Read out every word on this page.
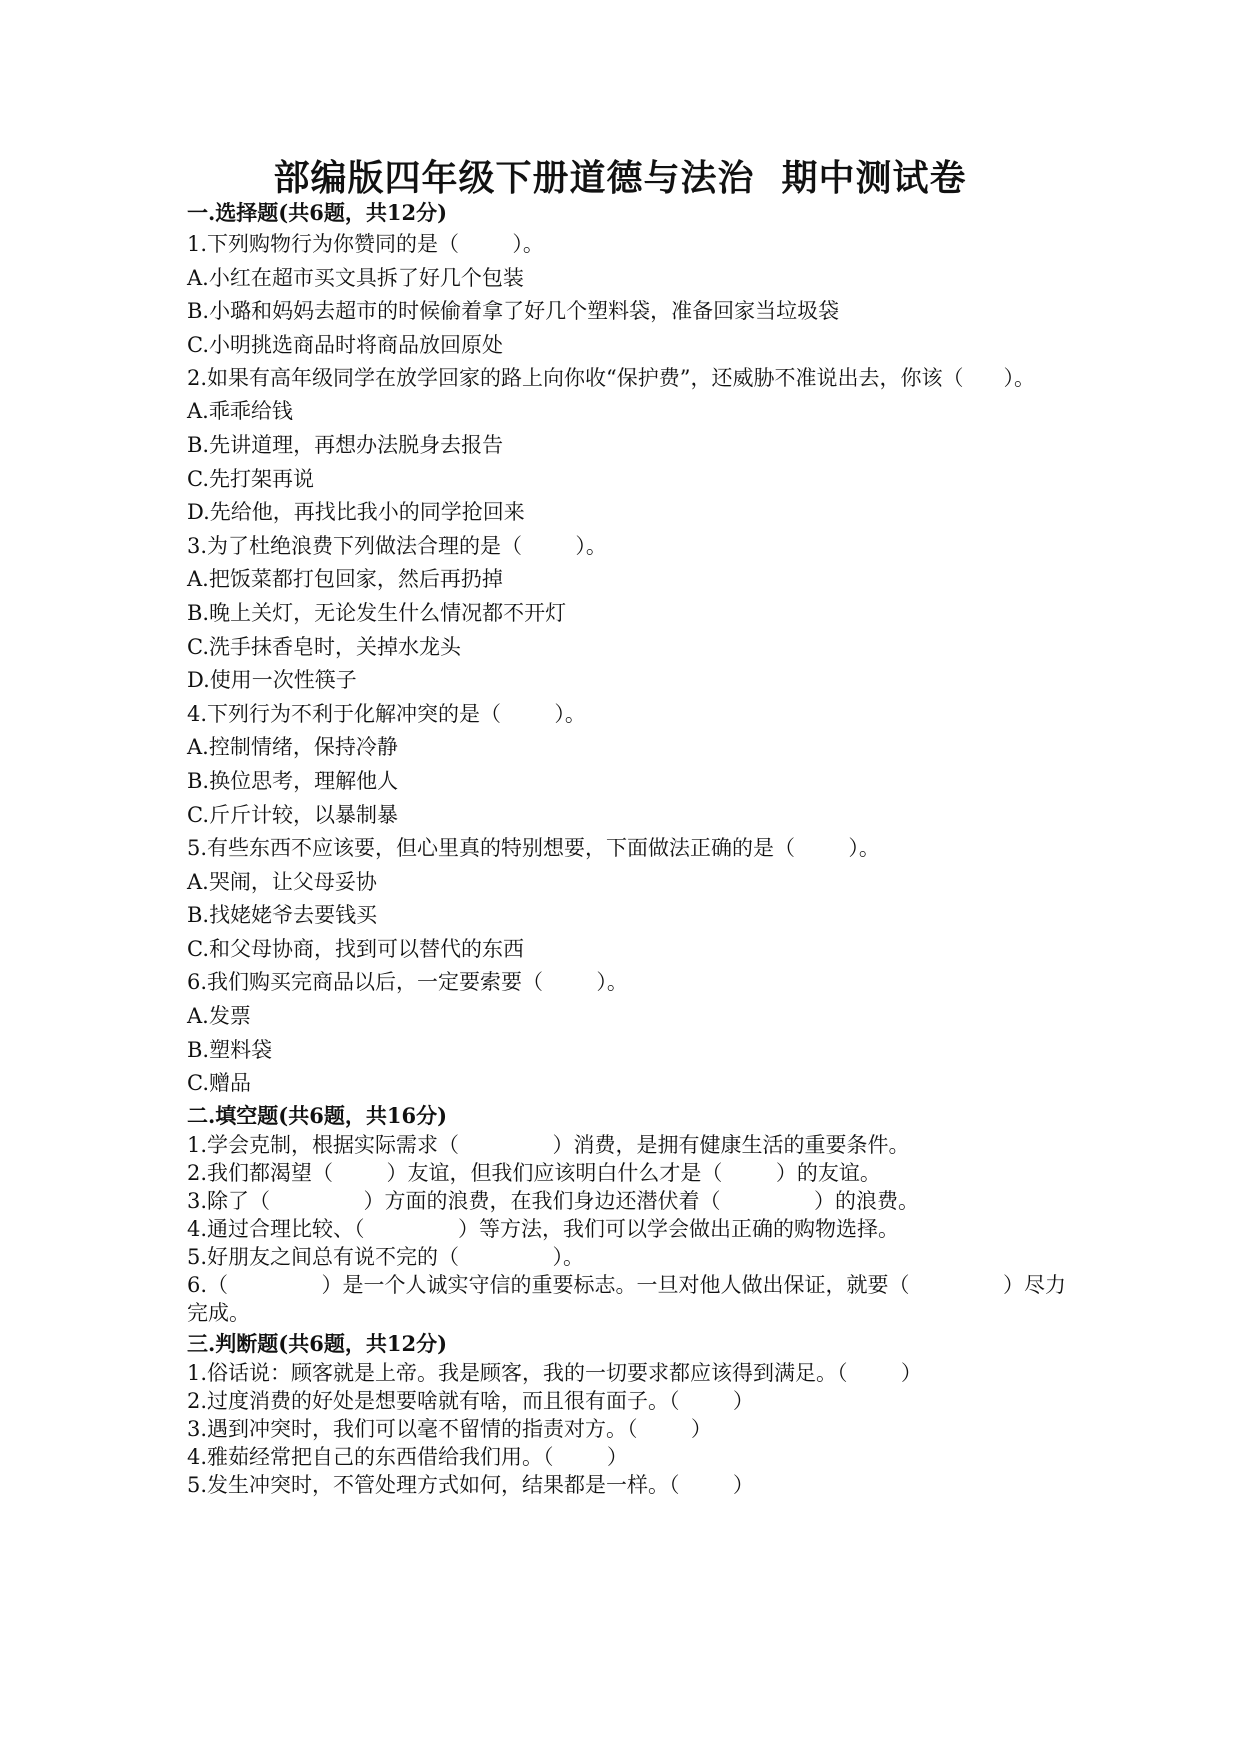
部编版四年级下册道德与法治  期中测试卷
一.选择题(共6题，共12分)
1.下列购物行为你赞同的是（        ）。
A.小红在超市买文具拆了好几个包装
B.小璐和妈妈去超市的时候偷着拿了好几个塑料袋，准备回家当垃圾袋
C.小明挑选商品时将商品放回原处
2.如果有高年级同学在放学回家的路上向你收“保护费”，还威胁不准说出去，你该（      ）。
A.乖乖给钱
B.先讲道理，再想办法脱身去报告
C.先打架再说
D.先给他，再找比我小的同学抢回来
3.为了杜绝浪费下列做法合理的是（        ）。
A.把饭菜都打包回家，然后再扔掉
B.晚上关灯，无论发生什么情况都不开灯
C.洗手抹香皂时，关掉水龙头
D.使用一次性筷子
4.下列行为不利于化解冲突的是（        ）。
A.控制情绪，保持冷静
B.换位思考，理解他人
C.斤斤计较，以暴制暴
5.有些东西不应该要，但心里真的特别想要，下面做法正确的是（        ）。
A.哭闹，让父母妥协
B.找姥姥爷去要钱买
C.和父母协商，找到可以替代的东西
6.我们购买完商品以后，一定要索要（        ）。
A.发票
B.塑料袋
C.赠品
二.填空题(共6题，共16分)
1.学会克制，根据实际需求（              ）消费，是拥有健康生活的重要条件。
2.我们都渴望（        ）友谊，但我们应该明白什么才是（        ）的友谊。
3.除了（              ）方面的浪费，在我们身边还潜伏着（              ）的浪费。
4.通过合理比较、（              ）等方法，我们可以学会做出正确的购物选择。
5.好朋友之间总有说不完的（              ）。
6.（              ）是一个人诚实守信的重要标志。一旦对他人做出保证，就要（              ）尽力完成。
三.判断题(共6题，共12分)
1.俗话说：顾客就是上帝。我是顾客，我的一切要求都应该得到满足。（        ）
2.过度消费的好处是想要啥就有啥，而且很有面子。（        ）
3.遇到冲突时，我们可以毫不留情的指责对方。（        ）
4.雅茹经常把自己的东西借给我们用。（        ）
5.发生冲突时，不管处理方式如何，结果都是一样。（        ）
